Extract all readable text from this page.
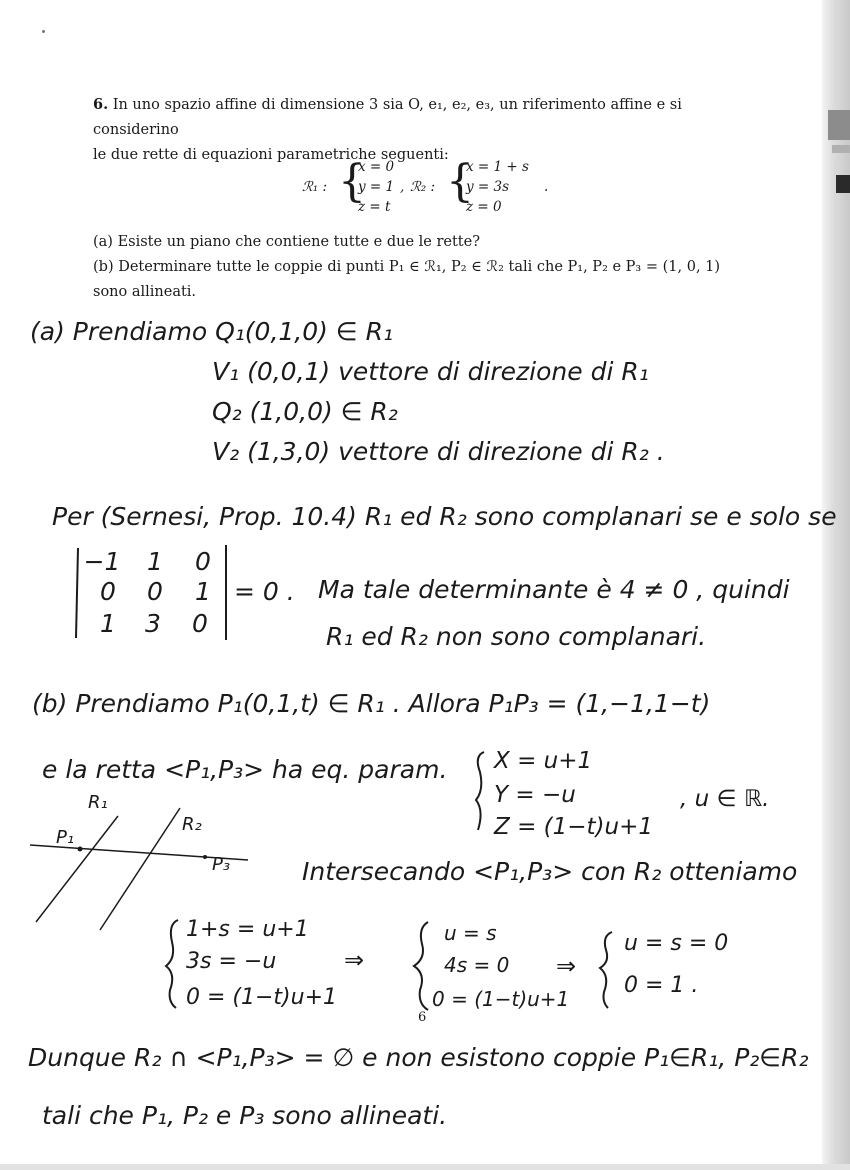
6. In uno spazio affine di dimensione 3 sia O, e₁, e₂, e₃, un riferimento affine e si considerino

le due rette di equazioni parametriche seguenti:

ℛ₁ : {
x = 0
y = 1
z = t
, ℛ₂ : {
x = 1 + s
y = 3s
z = 0
.

(a) Esiste un piano che contiene tutte e due le rette?

(b) Determinare tutte le coppie di punti P₁ ∈ ℛ₁, P₂ ∈ ℛ₂ tali che P₁, P₂ e P₃ = (1, 0, 1)

sono allineati.

(a) Prendiamo Q₁(0,1,0) ∈ R₁
V₁ (0,0,1) vettore di direzione di R₁
Q₂ (1,0,0) ∈ R₂
V₂ (1,3,0) vettore di direzione di R₂ .
Per (Sernesi, Prop. 10.4) R₁ ed R₂ sono complanari se e solo se
−1 1 0
0 0 1
1 3 0
= 0 . Ma tale determinante è 4 ≠ 0 , quindi
R₁ ed R₂ non sono complanari.
(b) Prendiamo P₁(0,1,t) ∈ R₁ . Allora P₁P₃ = (1,−1,1−t)
e la retta <P₁,P₃> ha eq. param. X = u+1
Y = −u
Z = (1−t)u+1
, u ∈ ℝ.
R₁
R₂
P₁
P₃	Intersecando <P₁,P₃> con R₂ otteniamo
1+s = u+1
3s = −u
0 = (1−t)u+1
⇒
u = s
4s = 0
0 = (1−t)u+1
⇒
u = s = 0
0 = 1 .
Dunque R₂ ∩ <P₁,P₃> = ∅ e non esistono coppie P₁∈R₁, P₂∈R₂
tali che P₁, P₂ e P₃ sono allineati.
6
